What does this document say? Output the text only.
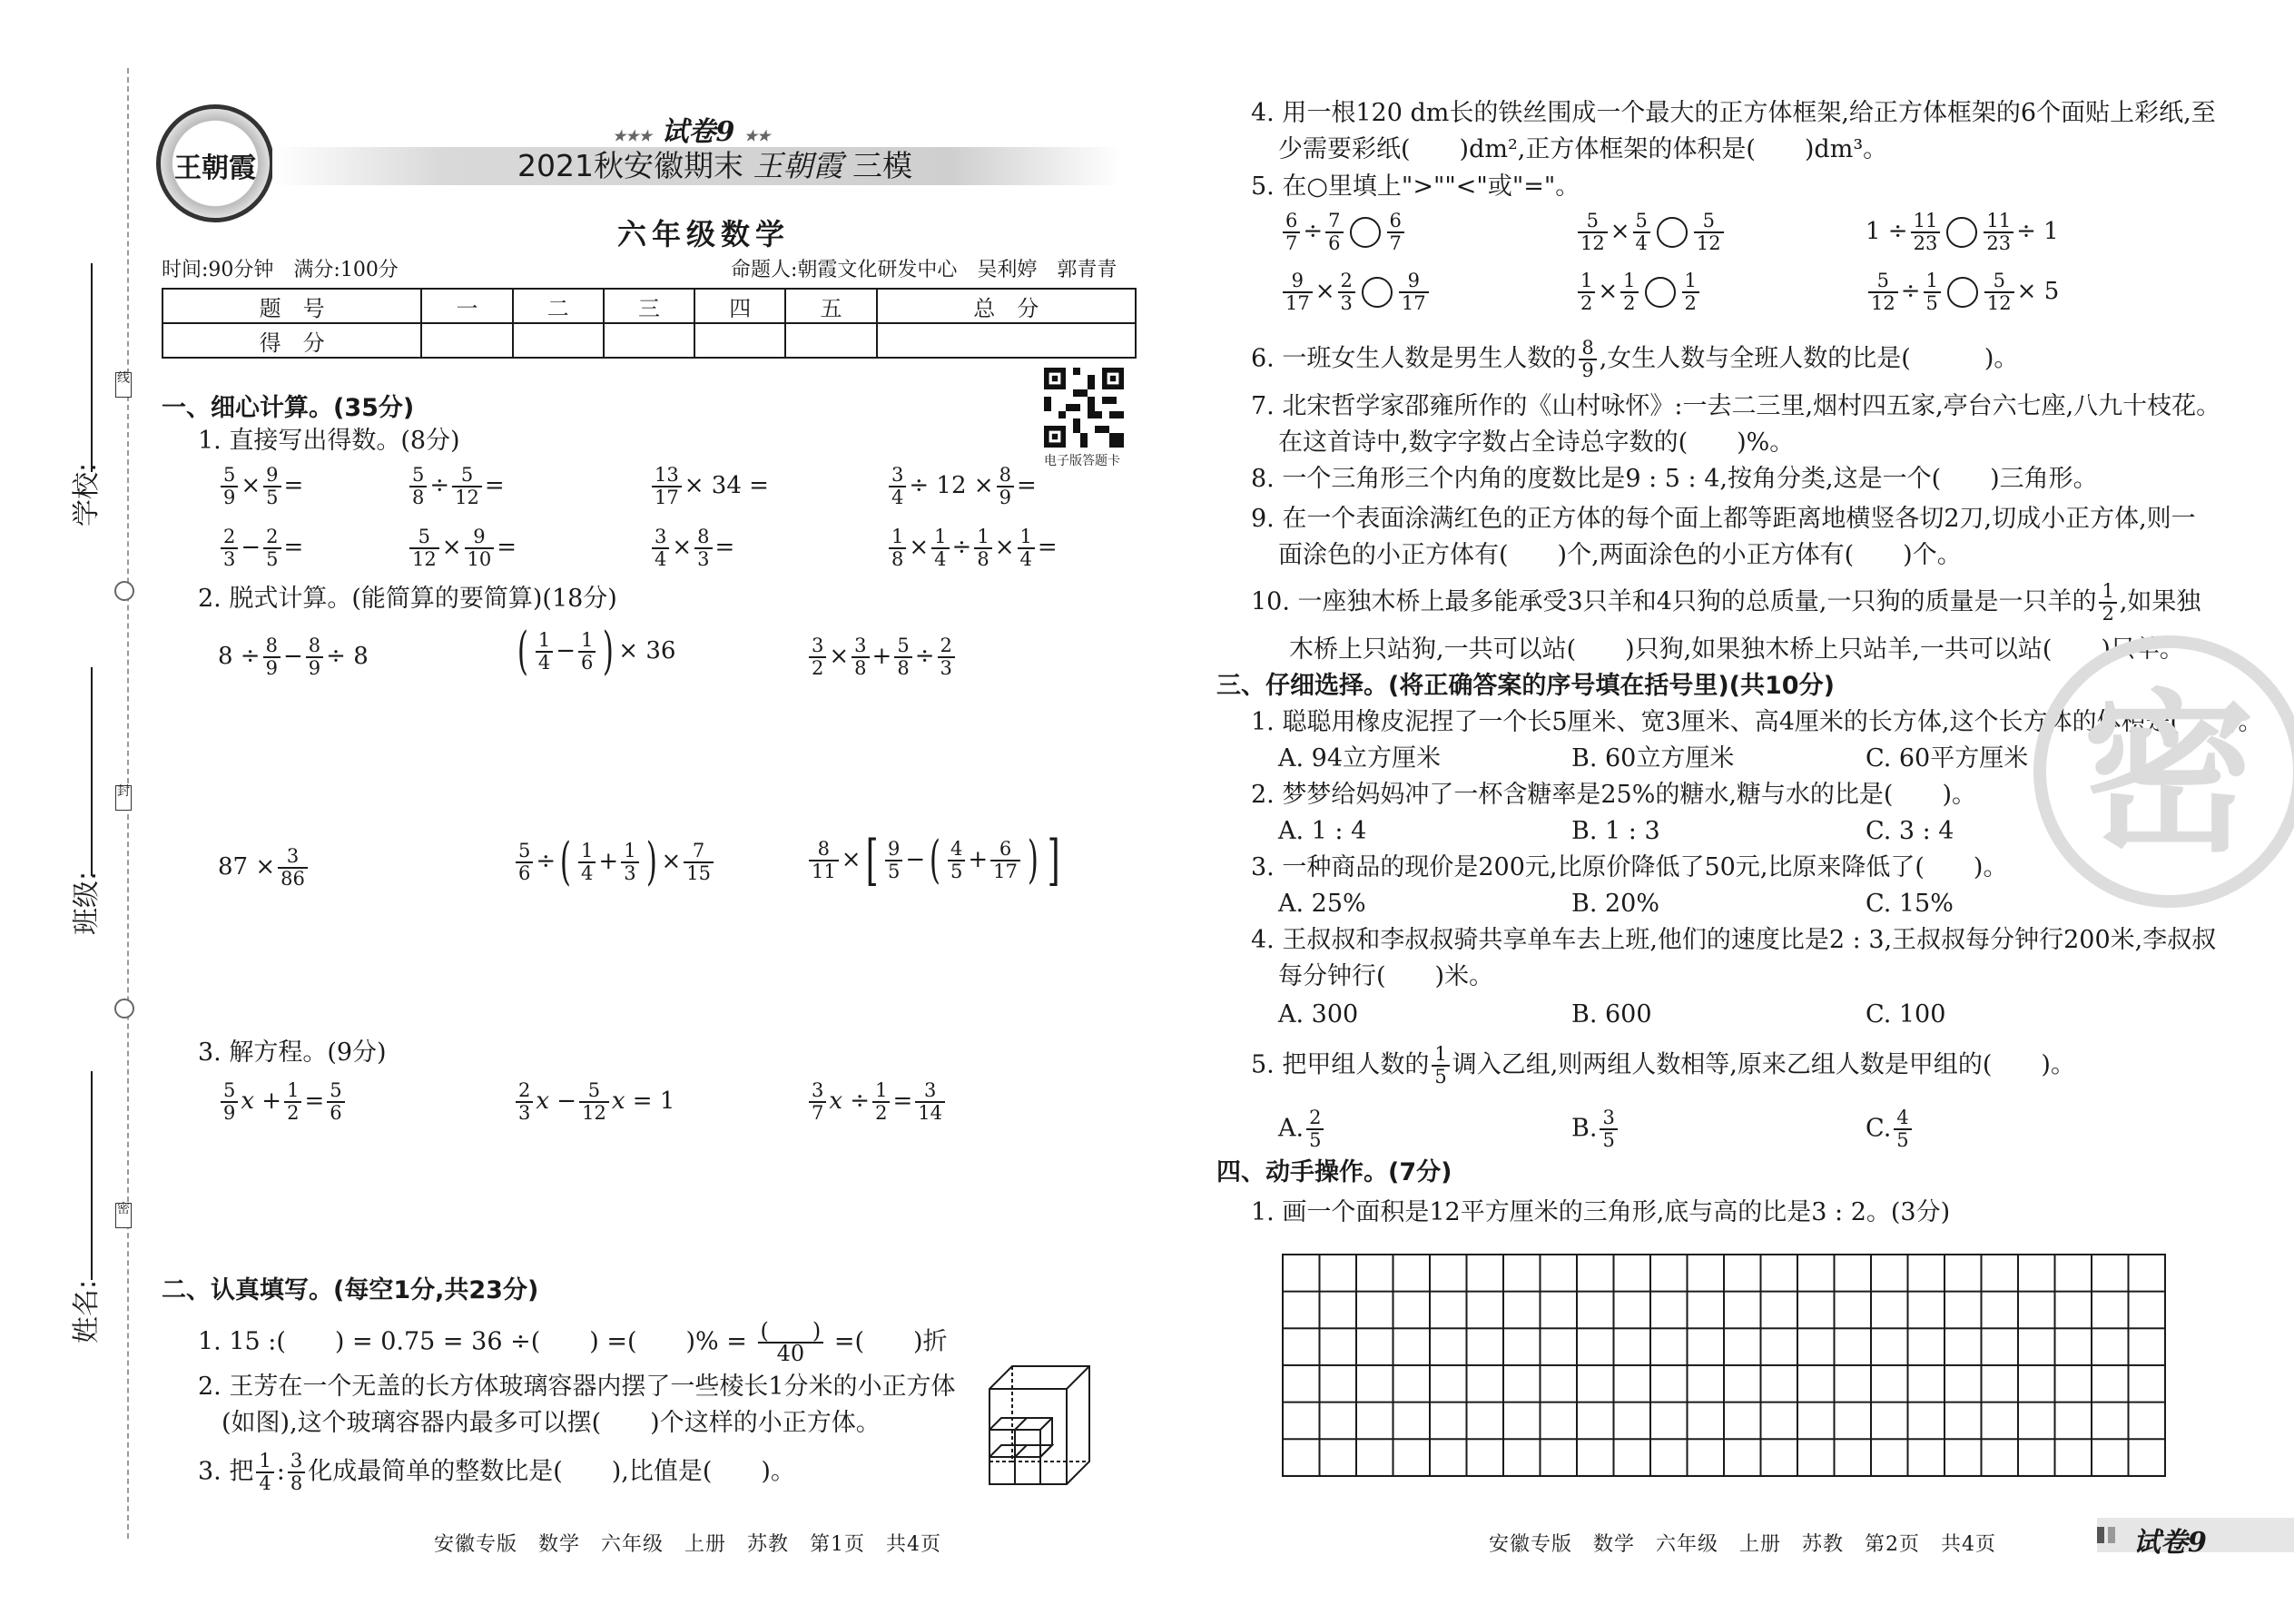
学校:
班级:
姓名:
线
封
密
王朝霞
★★★ 试卷9 ★★
2021秋安徽期末 王朝霞 三模
六年级数学
时间:90分钟　满分:100分	命题人:朝霞文化研发中心　吴利婷　郭青青
题　号	一	二	三	四	五	总　分
得　分						
电子版答题卡
一、细心计算。(35分)
1. 直接写出得数。(8分)
$\frac{5}{9} \times \frac{9}{5}$ =	$\frac{5}{8} \div \frac{5}{12}$ =	$\frac{13}{17} \times 34$ =	$\frac{3}{4} \div 12 \times \frac{8}{9}$ =
$\frac{2}{3} - \frac{2}{5}$ =	$\frac{5}{12} \times \frac{9}{10}$ =	$\frac{3}{4} \times \frac{8}{3}$ =	$\frac{1}{8} \times \frac{1}{4} \div \frac{1}{8} \times \frac{1}{4}$ =
2. 脱式计算。(能简算的要简算)(18分)
$8 \div \frac{8}{9} - \frac{8}{9} \div 8$	( $\frac{1}{4} - \frac{1}{6}$ ) × 36	$\frac{3}{2} \times \frac{3}{8} + \frac{5}{8} \div \frac{2}{3}$
$87 \times \frac{3}{86}$	$\frac{5}{6}$ ÷( $\frac{1}{4} + \frac{1}{3}$ ) × $\frac{7}{15}$	$\frac{8}{11}$ ×[ $\frac{9}{5}$ −( $\frac{4}{5} + \frac{6}{17}$ ) ]
3. 解方程。(9分)
$\frac{5}{9}$ $x + \frac{1}{2} = \frac{5}{6}$	$\frac{2}{3}$ $x - \frac{5}{12}$ x = 1	$\frac{3}{7}$ $x \div \frac{1}{2} = \frac{3}{14}$
二、认真填写。(每空1分,共23分)
1. 15 :(　　) = 0.75 = 36 ÷(　　) =(　　)% = (　　)
40	=(　　)折
2. 王芳在一个无盖的长方体玻璃容器内摆了一些棱长1分米的小正方体
(如图),这个玻璃容器内最多可以摆(　　)个这样的小正方体。
3. 把 $\frac{1}{4}$ : $\frac{3}{8}$ 化成最简单的整数比是(　　),比值是(　　)。
4. 用一根120 dm长的铁丝围成一个最大的正方体框架,给正方体框架的6个面贴上彩纸,至
少需要彩纸(　　)dm²,正方体框架的体积是(　　)dm³。
5. 在○里填上">""<"或"="。
$\frac{6}{7} \div \frac{7}{6} \frac{6}{7}$	$\frac{5}{12} \times \frac{5}{4} \frac{5}{12}$	$1 \div \frac{11}{23} \frac{11}{23} \div 1$
$\frac{9}{17} \times \frac{2}{3} \frac{9}{17}$	$\frac{1}{2} \times \frac{1}{2} \frac{1}{2}$	$\frac{5}{12} \div \frac{1}{5} \frac{5}{12} \times 5$
6. 一班女生人数是男生人数的 $\frac{8}{9}$ ,女生人数与全班人数的比是(　　　)。
7. 北宋哲学家邵雍所作的《山村咏怀》:一去二三里,烟村四五家,亭台六七座,八九十枝花。
在这首诗中,数字字数占全诗总字数的(　　)%。
8. 一个三角形三个内角的度数比是9 : 5 : 4,按角分类,这是一个(　　)三角形。
9. 在一个表面涂满红色的正方体的每个面上都等距离地横竖各切2刀,切成小正方体,则一
面涂色的小正方体有(　　)个,两面涂色的小正方体有(　　)个。
10. 一座独木桥上最多能承受3只羊和4只狗的总质量,一只狗的质量是一只羊的 $\frac{1}{2}$ ,如果独
木桥上只站狗,一共可以站(　　)只狗,如果独木桥上只站羊,一共可以站(　　)只羊。
三、仔细选择。(将正确答案的序号填在括号里)(共10分)
1. 聪聪用橡皮泥捏了一个长5厘米、宽3厘米、高4厘米的长方体,这个长方体的体积是(　　)。
A. 94立方厘米	B. 60立方厘米	C. 60平方厘米
2. 梦梦给妈妈冲了一杯含糖率是25%的糖水,糖与水的比是(　　)。
A. 1 : 4	B. 1 : 3	C. 3 : 4
3. 一种商品的现价是200元,比原价降低了50元,比原来降低了(　　)。
A. 25%	B. 20%	C. 15%
4. 王叔叔和李叔叔骑共享单车去上班,他们的速度比是2 : 3,王叔叔每分钟行200米,李叔叔
每分钟行(　　)米。
A. 300	B. 600	C. 100
5. 把甲组人数的 $\frac{1}{5}$ 调入乙组,则两组人数相等,原来乙组人数是甲组的(　　)。
A. $\frac{2}{5}$	B. $\frac{3}{5}$	C. $\frac{4}{5}$
四、动手操作。(7分)
1. 画一个面积是12平方厘米的三角形,底与高的比是3 : 2。(3分)
密
安徽专版　数学　六年级　上册　苏教　第1页　共4页	安徽专版　数学　六年级　上册　苏教　第2页　共4页	试卷9
